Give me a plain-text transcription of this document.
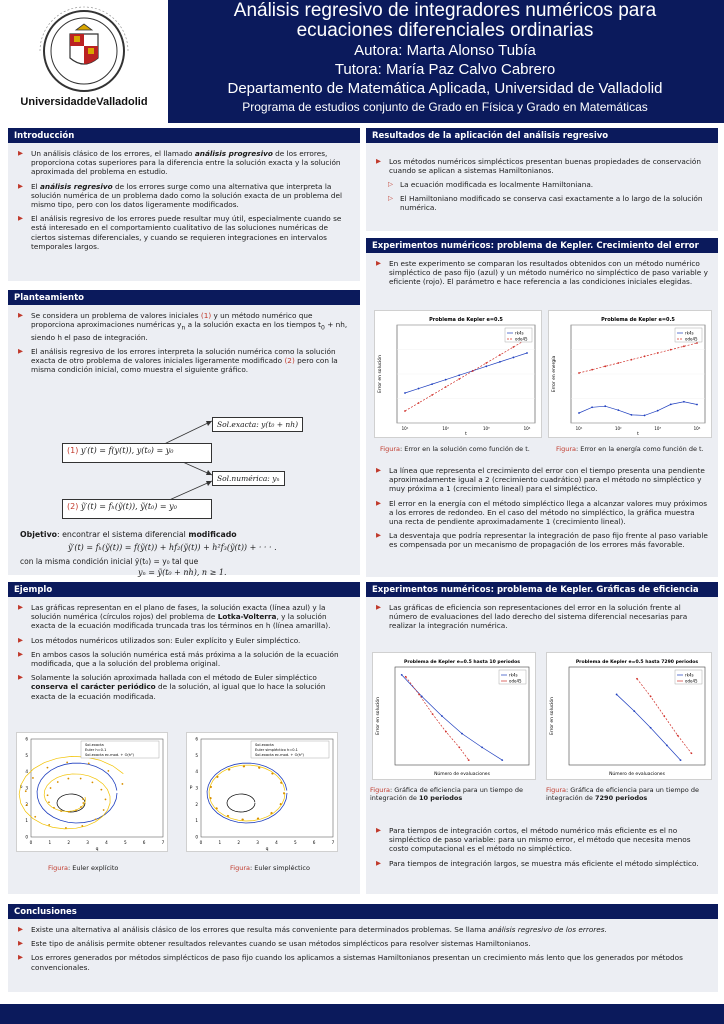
UniversidaddeValladolid
Análisis regresivo de integradores numéricos para
ecuaciones diferenciales ordinarias
Autora: Marta Alonso Tubía
Tutora: María Paz Calvo Cabrero
Departamento de Matemática Aplicada, Universidad de Valladolid
Programa de estudios conjunto de Grado en Física y Grado en Matemáticas
Introducción
▶ Un análisis clásico de los errores, el llamado análisis progresivo de los errores, proporciona cotas superiores para la diferencia entre la solución exacta y la solución aproximada del problema en estudio.
▶ El análisis regresivo de los errores surge como una alternativa que interpreta la solución numérica de un problema dado como la solución exacta de un problema del mismo tipo, pero con los datos ligeramente modificados.
▶ El análisis regresivo de los errores puede resultar muy útil, especialmente cuando se está interesado en el comportamiento cualitativo de las soluciones numéricas de ciertos sistemas diferenciales, y cuando se requieren integraciones en intervalos temporales largos.
Planteamiento
▶ Se considera un problema de valores iniciales (1) y un método numérico que proporciona aproximaciones numéricas $y_n$ a la solución exacta en los tiempos $t_0$ + nh, siendo h el paso de integración.
▶ El análisis regresivo de los errores interpreta la solución numérica como la solución exacta de otro problema de valores iniciales ligeramente modificado (2) pero con la misma condición inicial, como muestra el siguiente gráfico.
Sol.exacta: y(t₀ + nh)
Sol.numérica: yₙ
(1) y′(t) = f(y(t)), y(t₀) = y₀
(2) ỹ′(t) = fₕ(ỹ(t)), ỹ(t₀) = y₀
Objetivo: encontrar el sistema diferencial modificado
ỹ′(t) = fₕ(ỹ(t)) = f(ỹ(t)) + hf₂(ỹ(t)) + h²f₃(ỹ(t)) + · · · .
con la misma condición inicial ỹ(t₀) = y₀ tal que
yₙ = ỹ(t₀ + nh), n ≥ 1.
Ejemplo
▶ Las gráficas representan en el plano de fases, la solución exacta (línea azul) y la solución numérica (círculos rojos) del problema de Lotka-Volterra, y la solución exacta de la ecuación modificada truncada tras los términos en h (línea amarilla).
▶ Los métodos numéricos utilizados son: Euler explícito y Euler simpléctico.
▶ En ambos casos la solución numérica está más próxima a la solución de la ecuación modificada, que a la solución del problema original.
▶ Solamente la solución aproximada hallada con el método de Euler simpléctico conserva el carácter periódico de la solución, al igual que lo hace la solución exacta de la ecuación modificada.
0	1	2	3	4	5	6	7
0
1
3
4
5
6
q
p
Sol.exacta
Euler h=0.1
Sol.exacta ec.mod. + O(h²)
0	1	2	3	4	5	6	7
0
1
2
3
4
5
6
q
p
Sol.exacta
Euler simpléctico h=0.1
Sol.exacta ec.mod. + O(h²)
Figura: Euler explícito	Figura: Euler simpléctico
Resultados de la aplicación del análisis regresivo
▶ Los métodos numéricos simplécticos presentan buenas propiedades de conservación cuando se aplican a sistemas Hamiltonianos.
▷ La ecuación modificada es localmente Hamiltoniana.
▷ El Hamiltoniano modificado se conserva casi exactamente a lo largo de la solución numérica.
Experimentos numéricos: problema de Kepler. Crecimiento del error
▶ En este experimento se comparan los resultados obtenidos con un método numérico simpléctico de paso fijo (azul) y un método numérico no simpléctico de paso variable y eficiente (rojo). El parámetro e hace referencia a las condiciones iniciales elegidas.
Problema de Kepler e=0.5
Error en solución
t
10¹	10²	10³	10⁴
rk4s
ode45
Problema de Kepler e=0.5
Error en energía
t
10¹	10²	10³	10⁴
rk4s
ode45
Figura: Error en la solución como función de t.	Figura: Error en la energía como función de t.
▶ La línea que representa el crecimiento del error con el tiempo presenta una pendiente aproximadamente igual a 2 (crecimiento cuadrático) para el método no simpléctico y muy próxima a 1 (crecimiento lineal) para el simpléctico.
▶ El error en la energía con el método simpléctico llega a alcanzar valores muy próximos a los errores de redondeo. En el caso del método no simpléctico, la gráfica muestra una recta de pendiente aproximadamente 1 (crecimiento lineal).
▶ La desventaja que podría representar la integración de paso fijo frente al paso variable es compensada por un mecanismo de propagación de los errores más favorable.
Experimentos numéricos: problema de Kepler. Gráficas de eficiencia
▶ Las gráficas de eficiencia son representaciones del error en la solución frente al número de evaluaciones del lado derecho del sistema diferencial necesarias para realizar la integración numérica.
Problema de Kepler e=0.5 hasta 10 periodos
Error en solución
Número de evaluaciones
rk4s
ode45
Problema de Kepler e=0.5 hasta 7290 periodos
Error en solución
Número de evaluaciones
rk4s
ode45
Figura: Gráfica de eficiencia para un tiempo de integración de 10 periodos
Figura: Gráfica de eficiencia para un tiempo de integración de 7290 periodos
▶ Para tiempos de integración cortos, el método numérico más eficiente es el no simpléctico de paso variable: para un mismo error, el método que necesita menos costo computacional es el método no simpléctico.
▶ Para tiempos de integración largos, se muestra más eficiente el método simpléctico.
Conclusiones
▶ Existe una alternativa al análisis clásico de los errores que resulta más conveniente para determinados problemas. Se llama análisis regresivo de los errores.
▶ Este tipo de análisis permite obtener resultados relevantes cuando se usan métodos simplécticos para resolver sistemas Hamiltonianos.
▶ Los errores generados por métodos simplécticos de paso fijo cuando los aplicamos a sistemas Hamiltonianos presentan un crecimiento más lento que los generados por métodos convencionales.
